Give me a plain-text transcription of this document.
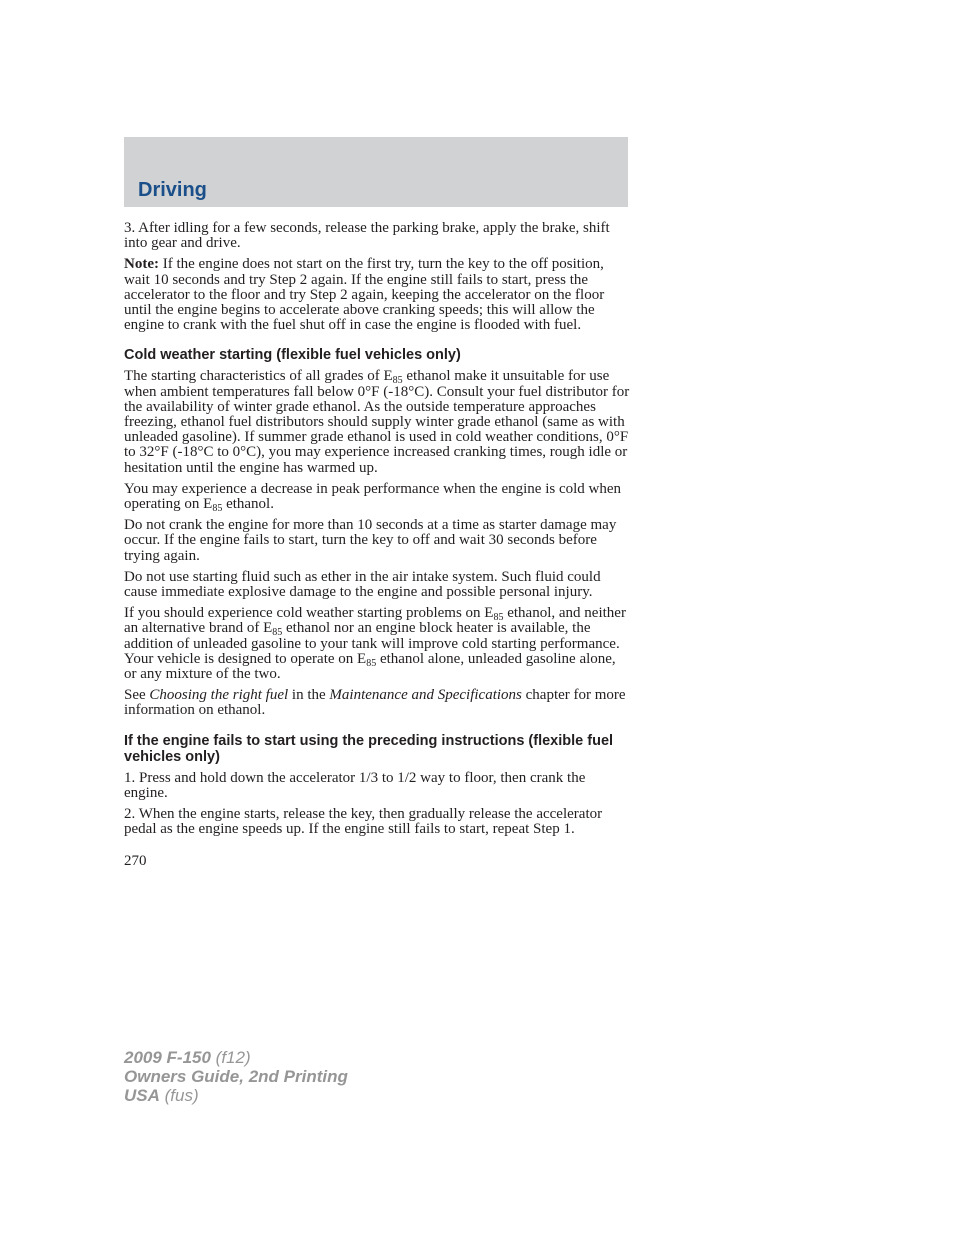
Driving

3. After idling for a few seconds, release the parking brake, apply the brake, shift into gear and drive.

Note: If the engine does not start on the first try, turn the key to the off position, wait 10 seconds and try Step 2 again. If the engine still fails to start, press the accelerator to the floor and try Step 2 again, keeping the accelerator on the floor until the engine begins to accelerate above cranking speeds; this will allow the engine to crank with the fuel shut off in case the engine is flooded with fuel.

Cold weather starting (flexible fuel vehicles only)

The starting characteristics of all grades of $E_{85}$ ethanol make it unsuitable for use when ambient temperatures fall below 0°F (-18°C). Consult your fuel distributor for the availability of winter grade ethanol. As the outside temperature approaches freezing, ethanol fuel distributors should supply winter grade ethanol (same as with unleaded gasoline). If summer grade ethanol is used in cold weather conditions, 0°F to 32°F (-18°C to 0°C), you may experience increased cranking times, rough idle or hesitation until the engine has warmed up.

You may experience a decrease in peak performance when the engine is cold when operating on $E_{85}$ ethanol.

Do not crank the engine for more than 10 seconds at a time as starter damage may occur. If the engine fails to start, turn the key to off and wait 30 seconds before trying again.

Do not use starting fluid such as ether in the air intake system. Such fluid could cause immediate explosive damage to the engine and possible personal injury.

If you should experience cold weather starting problems on $E_{85}$ ethanol, and neither an alternative brand of $E_{85}$ ethanol nor an engine block heater is available, the addition of unleaded gasoline to your tank will improve cold starting performance. Your vehicle is designed to operate on $E_{85}$ ethanol alone, unleaded gasoline alone, or any mixture of the two.

See Choosing the right fuel in the Maintenance and Specifications chapter for more information on ethanol.

If the engine fails to start using the preceding instructions (flexible fuel vehicles only)

1. Press and hold down the accelerator 1/3 to 1/2 way to floor, then crank the engine.

2. When the engine starts, release the key, then gradually release the accelerator pedal as the engine speeds up. If the engine still fails to start, repeat Step 1.

270
2009 F-150 (f12)
Owners Guide, 2nd Printing
USA (fus)
